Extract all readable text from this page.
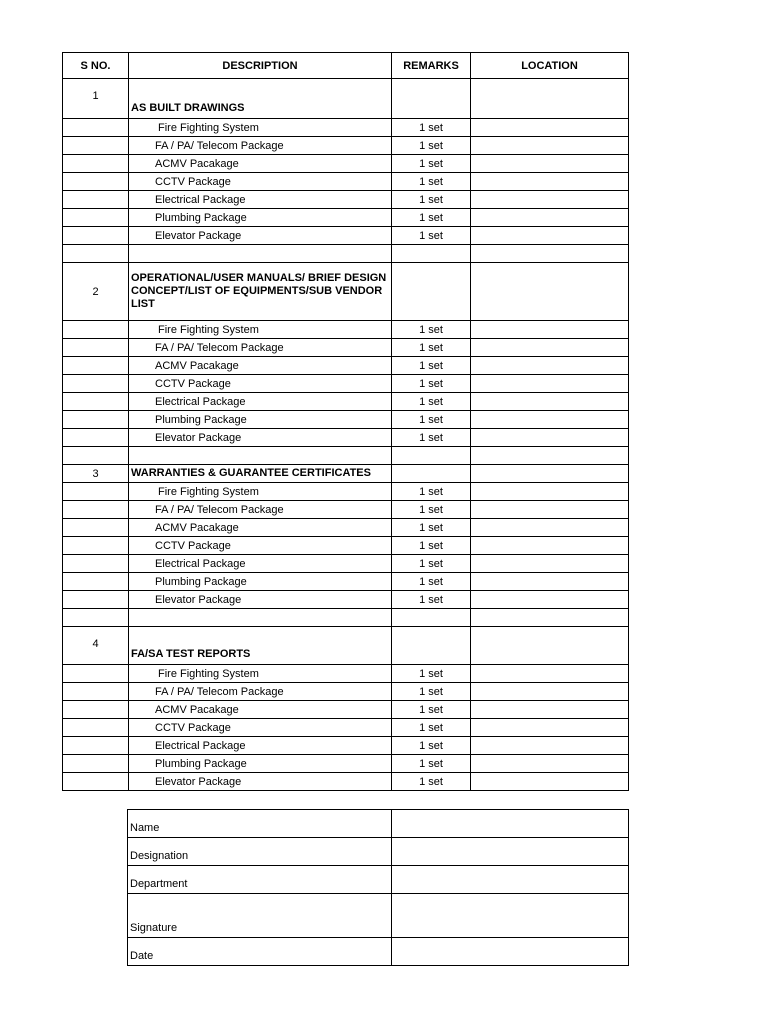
S NO.	DESCRIPTION	REMARKS	LOCATION
1	AS BUILT DRAWINGS		
	Fire Fighting System	1 set	
	FA / PA/ Telecom Package	1 set	
	ACMV Pacakage	1 set	
	CCTV Package	1 set	
	Electrical Package	1 set	
	Plumbing Package	1 set	
	Elevator Package	1 set	

2	OPERATIONAL/USER MANUALS/ BRIEF DESIGN CONCEPT/LIST OF EQUIPMENTS/SUB VENDOR LIST		
	Fire Fighting System	1 set	
	FA / PA/ Telecom Package	1 set	
	ACMV Pacakage	1 set	
	CCTV Package	1 set	
	Electrical Package	1 set	
	Plumbing Package	1 set	
	Elevator Package	1 set	

3	WARRANTIES & GUARANTEE CERTIFICATES		
	Fire Fighting System	1 set	
	FA / PA/ Telecom Package	1 set	
	ACMV Pacakage	1 set	
	CCTV Package	1 set	
	Electrical Package	1 set	
	Plumbing Package	1 set	
	Elevator Package	1 set	

4	FA/SA TEST REPORTS		
	Fire Fighting System	1 set	
	FA / PA/ Telecom Package	1 set	
	ACMV Pacakage	1 set	
	CCTV Package	1 set	
	Electrical Package	1 set	
	Plumbing Package	1 set	
	Elevator Package	1 set	
Name	
Designation	
Department	
Signature	
Date	
